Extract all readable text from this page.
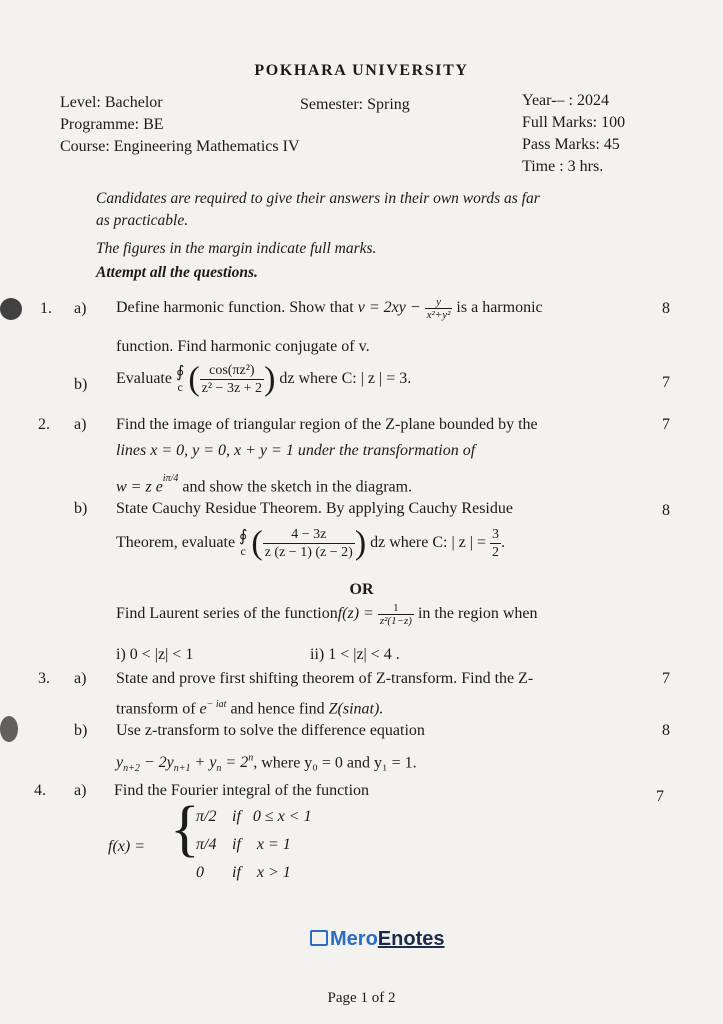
POKHARA UNIVERSITY
Level: Bachelor
Programme: BE
Course: Engineering Mathematics IV
Semester: Spring	Year-– : 2024
Full Marks: 100
Pass Marks: 45
Time : 3 hrs.
Candidates are required to give their answers in their own words as far
as practicable.
The figures in the margin indicate full marks.
Attempt all the questions.
1. a) Define harmonic function. Show that $v = 2xy - \frac{y}{\text{x²+y²}}$ is a harmonic	8
function. Find harmonic conjugate of v.
b) Evaluate ∮
c ( $\frac{\text{cos(πz²)}}{\text{z² − 3z + 2}}$ ) dz where C: | z | = 3.	7
2. a) Find the image of triangular region of the Z-plane bounded by the	7
lines x = 0, y = 0, x + y = 1 under the transformation of
w = z $e^{i\pi/4}$ and show the sketch in the diagram.
b) State Cauchy Residue Theorem. By applying Cauchy Residue	8
Theorem, evaluate ∮
c ( $\frac{4 - 3z}{z (z - 1) (z - 2)}$ ) dz where C: | z | = $\frac{3}{2}$ .
OR
Find Laurent series of the functionf(z) = $\frac{1}{\text{z²(1−z)}}$ in the region when
i) 0 < |z| < 1	ii) 1 < |z| < 4 .
3. a) State and prove first shifting theorem of Z-transform. Find the Z-	7
transform of $e^{- iat}$ and hence find Z(sinat).
b) Use z-transform to solve the difference equation	8
$y_{n+2} - 2y_{n+1} + y_n = 2^n$, where y₀ = 0 and y₁ = 1.
4. a) Find the Fourier integral of the function	7
f(x) = {
π/2 if   0 ≤ x < 1
π/4 if    x = 1
0 if    x > 1
MeroEnotes
Page 1 of 2
